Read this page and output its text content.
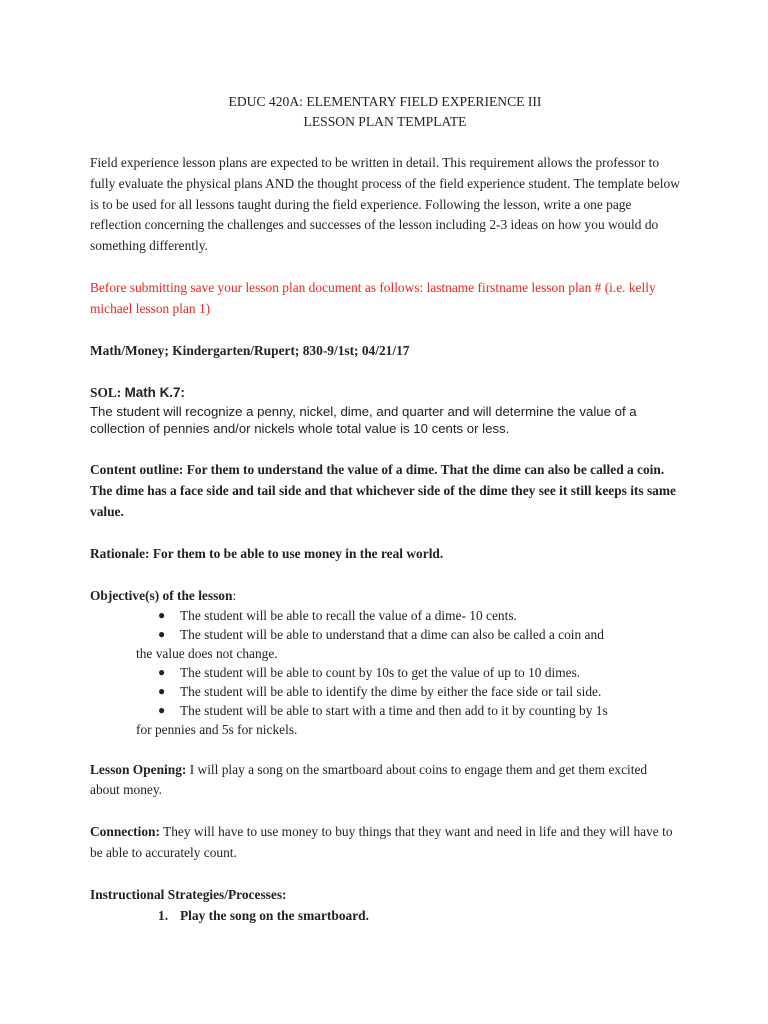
EDUC 420A: ELEMENTARY FIELD EXPERIENCE III

LESSON PLAN TEMPLATE

Field experience lesson plans are expected to be written in detail. This requirement allows the professor to fully evaluate the physical plans AND the thought process of the field experience student. The template below is to be used for all lessons taught during the field experience. Following the lesson, write a one page reflection concerning the challenges and successes of the lesson including 2-3 ideas on how you would do something differently.

Before submitting save your lesson plan document as follows: lastname firstname lesson plan # (i.e. kelly michael lesson plan 1)

Math/Money; Kindergarten/Rupert; 830-9/1st; 04/21/17

SOL: Math K.7:

The student will recognize a penny, nickel, dime, and quarter and will determine the value of a collection of pennies and/or nickels whole total value is 10 cents or less.

Content outline: For them to understand the value of a dime. That the dime can also be called a coin. The dime has a face side and tail side and that whichever side of the dime they see it still keeps its same value.

Rationale: For them to be able to use money in the real world.

Objective(s) of the lesson:

● The student will be able to recall the value of a dime- 10 cents.
● The student will be able to understand that a dime can also be called a coin and
the value does not change.
● The student will be able to count by 10s to get the value of up to 10 dimes.
● The student will be able to identify the dime by either the face side or tail side.
● The student will be able to start with a time and then add to it by counting by 1s
for pennies and 5s for nickels.

Lesson Opening: I will play a song on the smartboard about coins to engage them and get them excited about money.

Connection: They will have to use money to buy things that they want and need in life and they will have to be able to accurately count.

Instructional Strategies/Processes:

1. Play the song on the smartboard.
